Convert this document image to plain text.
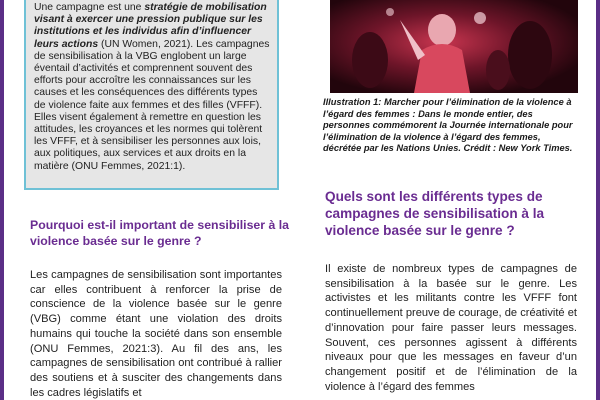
Une campagne est une stratégie de mobilisation visant à exercer une pression publique sur les institutions et les individus afin d’influencer leurs actions (UN Women, 2021). Les campagnes de sensibilisation à la VBG englobent un large éventail d’activités et comprennent souvent des efforts pour accroître les connaissances sur les causes et les conséquences des différents types de violence faite aux femmes et des filles (VFFF). Elles visent également à remettre en question les attitudes, les croyances et les normes qui tolèrent les VFFF, et à sensibiliser les personnes aux lois, aux politiques, aux services et aux droits en la matière (ONU Femmes, 2021:1).
Illustration 1: Marcher pour l’élimination de la violence à l’égard des femmes : Dans le monde entier, des personnes commémorent la Journée internationale pour l’élimination de la violence à l’égard des femmes, décrétée par les Nations Unies. Crédit : New York Times.
Quels sont les différents types de campagnes de sensibilisation à la violence basée sur le genre ?
Pourquoi est-il important de sensibiliser à la violence basée sur le genre ?

Les campagnes de sensibilisation sont importantes car elles contribuent à renforcer la prise de conscience de la violence basée sur le genre (VBG) comme étant une violation des droits humains qui touche la société dans son ensemble (ONU Femmes, 2021:3). Au fil des ans, les campagnes de sensibilisation ont contribué à rallier des soutiens et à susciter des changements dans les cadres législatifs et

Il existe de nombreux types de campagnes de sensibilisation à la basée sur le genre. Les activistes et les militants contre les VFFF font continuellement preuve de courage, de créativité et d’innovation pour faire passer leurs messages. Souvent, ces personnes agissent à différents niveaux pour que les messages en faveur d’un changement positif et de l’élimination de la violence à l’égard des femmes
